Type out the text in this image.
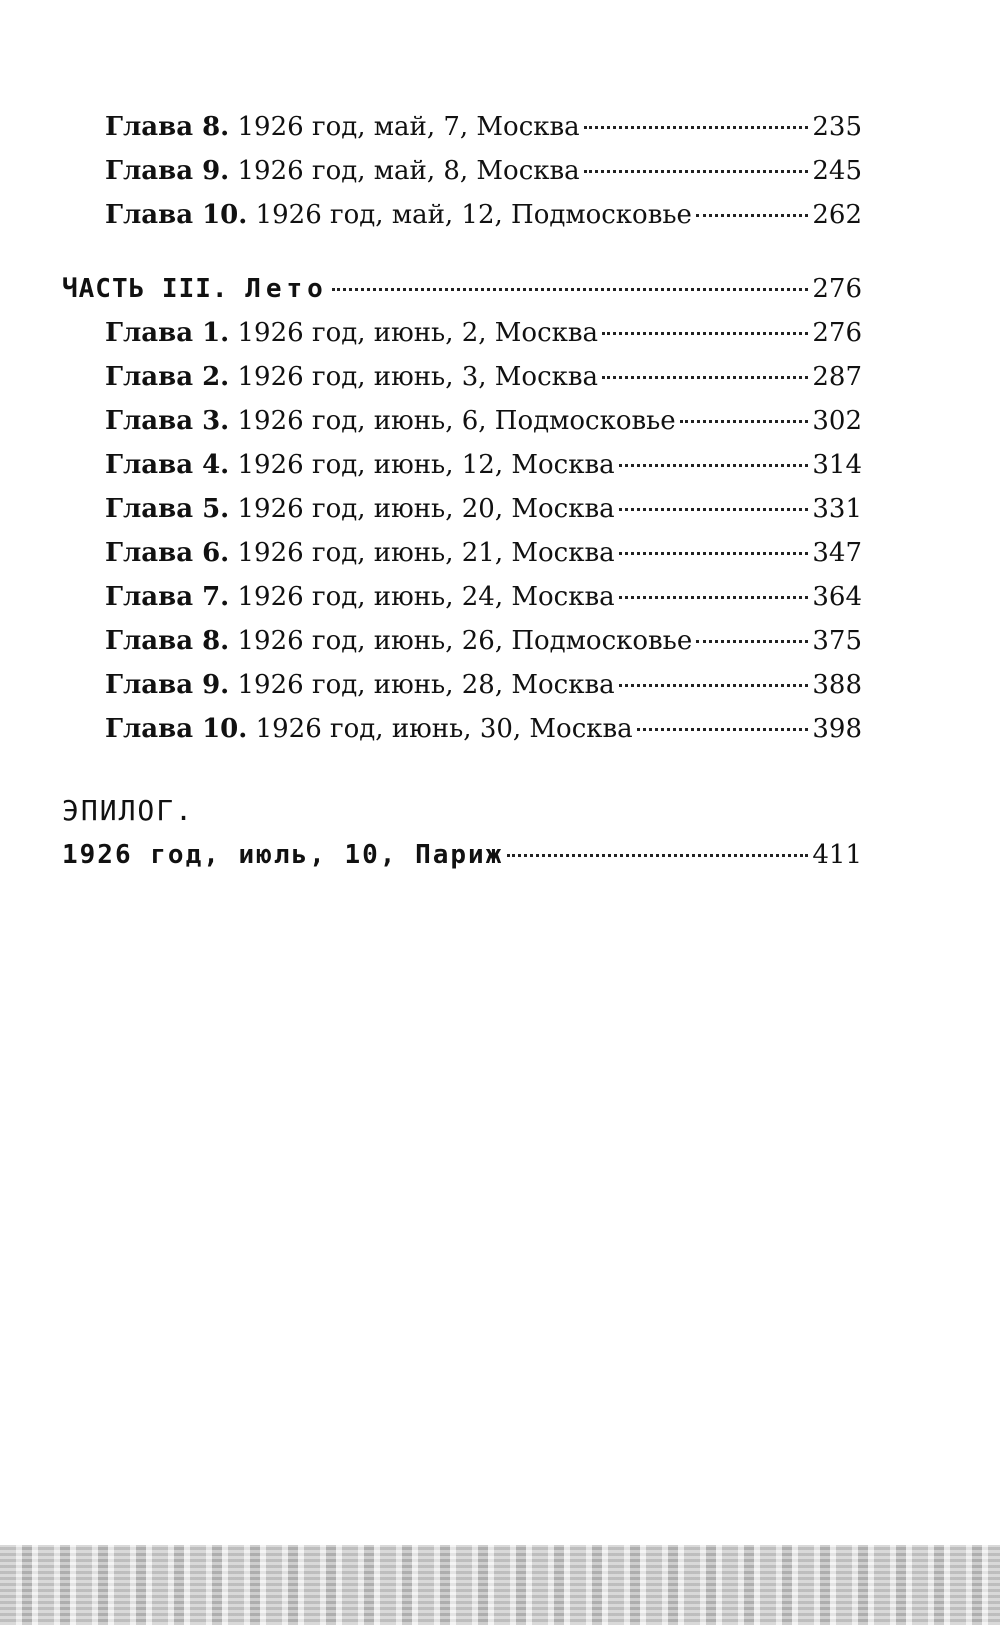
Глава 8. 1926 год, май, 7, Москва	235
Глава 9. 1926 год, май, 8, Москва	245
Глава 10. 1926 год, май, 12, Подмосковье	262
ЧАСТЬ III. Лето	276
Глава 1. 1926 год, июнь, 2, Москва	276
Глава 2. 1926 год, июнь, 3, Москва	287
Глава 3. 1926 год, июнь, 6, Подмосковье	302
Глава 4. 1926 год, июнь, 12, Москва	314
Глава 5. 1926 год, июнь, 20, Москва	331
Глава 6. 1926 год, июнь, 21, Москва	347
Глава 7. 1926 год, июнь, 24, Москва	364
Глава 8. 1926 год, июнь, 26, Подмосковье	375
Глава 9. 1926 год, июнь, 28, Москва	388
Глава 10. 1926 год, июнь, 30, Москва	398
ЭПИЛОГ.
1926 год, июль, 10, Париж	411
